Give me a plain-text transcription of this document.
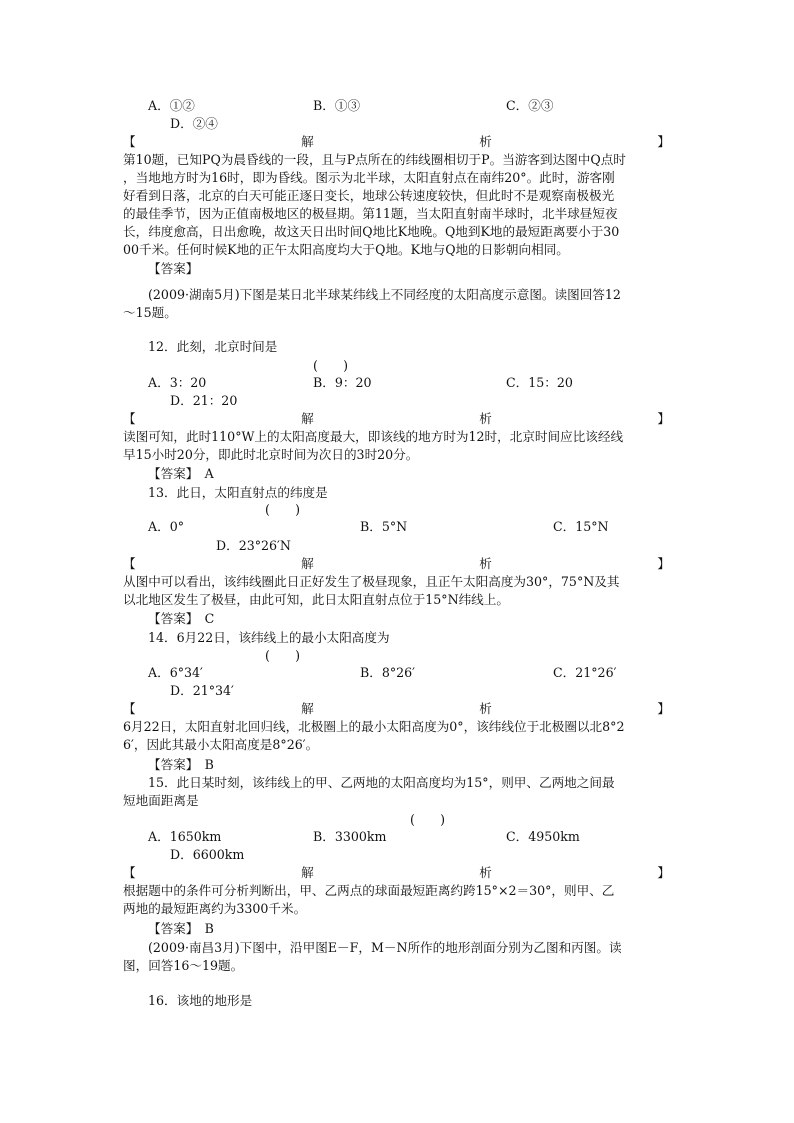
A．①②	B．①③	C．②③
D．②④
【	解	析	】
第10题，已知PQ为晨昏线的一段，且与P点所在的纬线圈相切于P。当游客到达图中Q点时
，当地地方时为16时，即为昏线。图示为北半球，太阳直射点在南纬20°。此时，游客刚
好看到日落，北京的白天可能正逐日变长，地球公转速度较快，但此时不是观察南极极光
的最佳季节，因为正值南极地区的极昼期。第11题，当太阳直射南半球时，北半球昼短夜
长，纬度愈高，日出愈晚，故这天日出时间Q地比K地晚。Q地到K地的最短距离要小于30
00千米。任何时候K地的正午太阳高度均大于Q地。K地与Q地的日影朝向相同。
【答案】
(2009·湖南5月)下图是某日北半球某纬线上不同经度的太阳高度示意图。读图回答12
～15题。
12．此刻，北京时间是
(　　)
A．3：20	B．9：20	C．15：20
D．21：20
【	解	析	】
读图可知，此时110°W上的太阳高度最大，即该线的地方时为12时，北京时间应比该经线
早15小时20分，即此时北京时间为次日的3时20分。
【答案】　A
13．此日，太阳直射点的纬度是
(　　)
A．0°	B．5°N	C．15°N
D．23°26′N
【	解	析	】
从图中可以看出，该纬线圈此日正好发生了极昼现象，且正午太阳高度为30°，75°N及其
以北地区发生了极昼，由此可知，此日太阳直射点位于15°N纬线上。
【答案】　C
14．6月22日，该纬线上的最小太阳高度为
(　　)
A．6°34′	B．8°26′	C．21°26′
D．21°34′
【	解	析	】
6月22日，太阳直射北回归线，北极圈上的最小太阳高度为0°，该纬线位于北极圈以北8°2
6′，因此其最小太阳高度是8°26′。
【答案】　B
15．此日某时刻，该纬线上的甲、乙两地的太阳高度均为15°，则甲、乙两地之间最
短地面距离是
(　　)
A．1650km	B．3300km	C．4950km
D．6600km
【	解	析	】
根据题中的条件可分析判断出，甲、乙两点的球面最短距离约跨15°×2＝30°，则甲、乙
两地的最短距离约为3300千米。
【答案】　B
(2009·南昌3月)下图中，沿甲图E－F，M－N所作的地形剖面分别为乙图和丙图。读
图，回答16～19题。
16．该地的地形是
